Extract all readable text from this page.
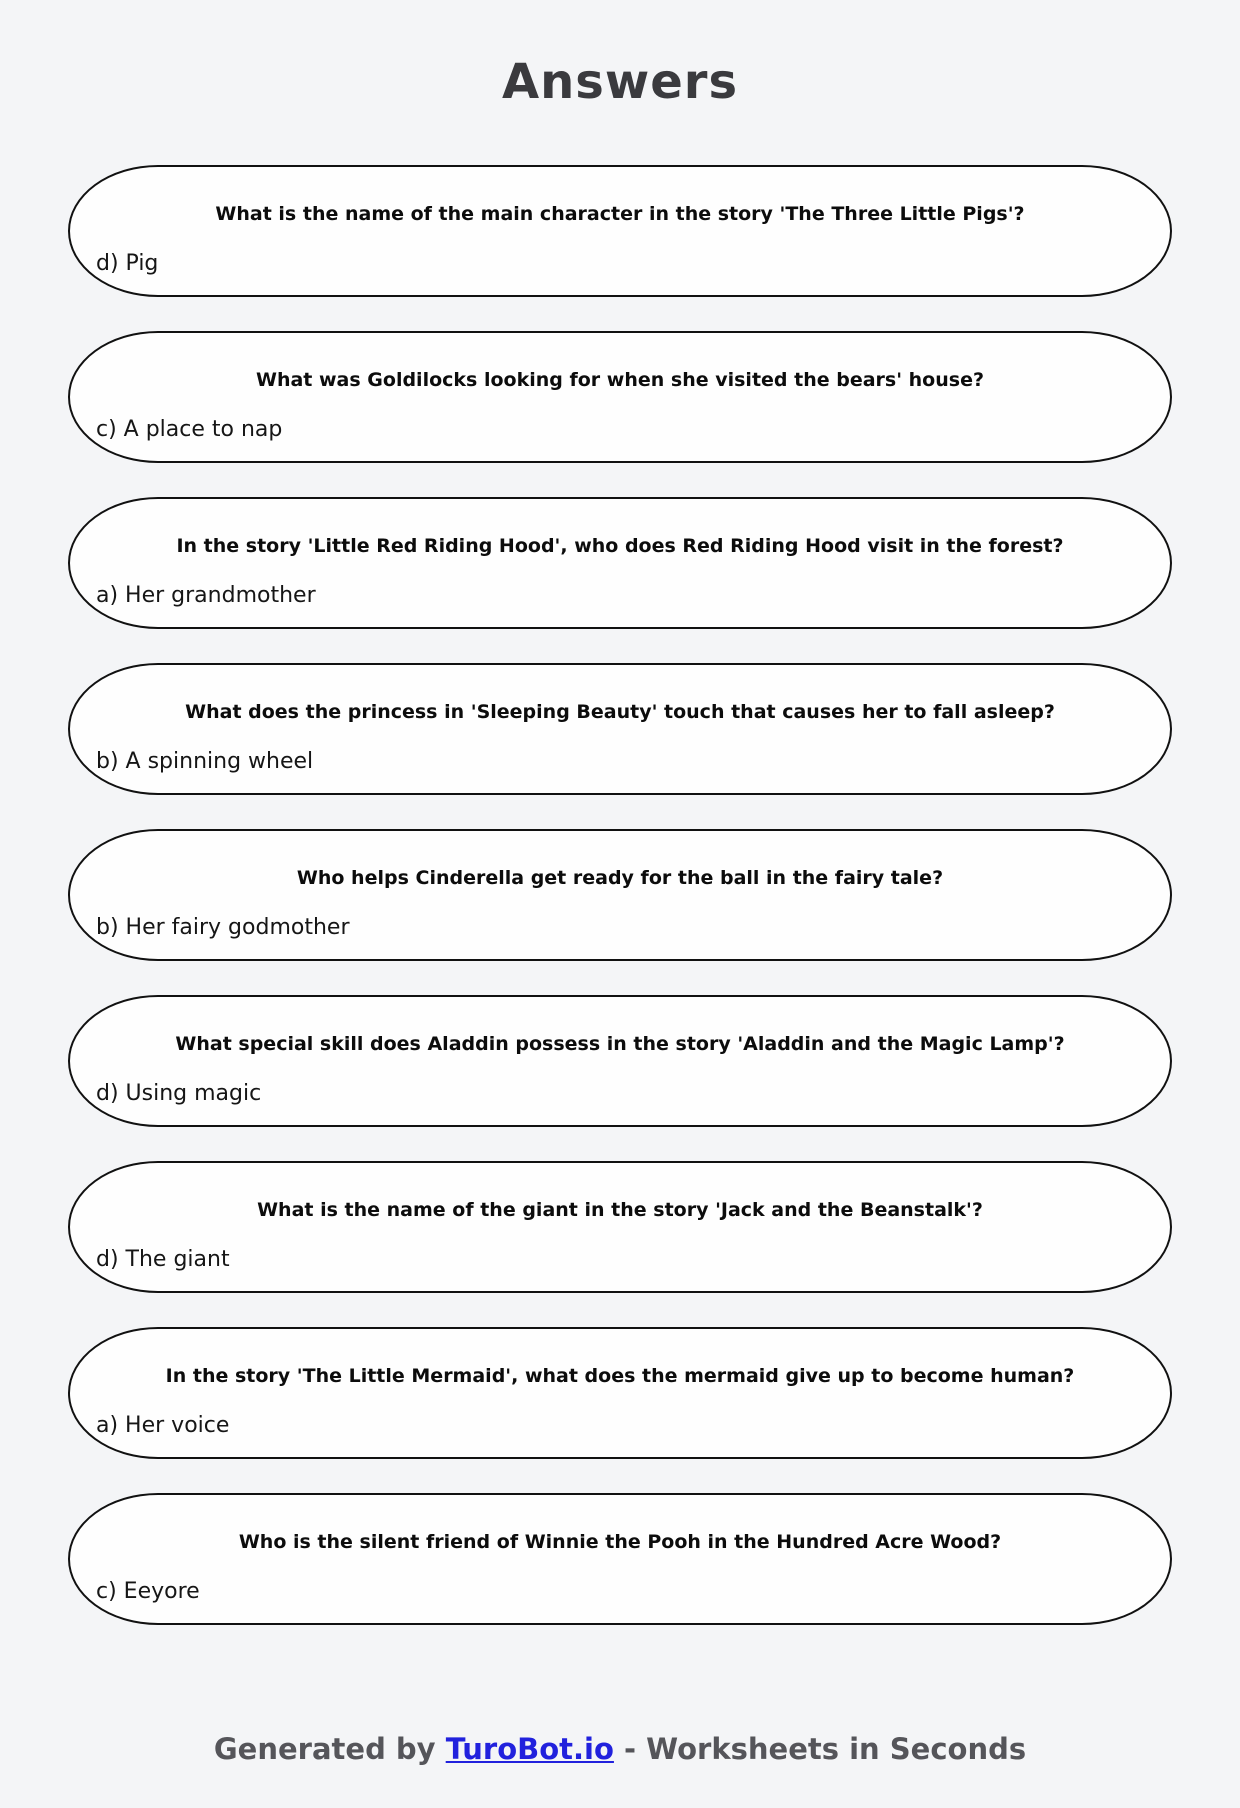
Answers
What is the name of the main character in the story 'The Three Little Pigs'?
d) Pig
What was Goldilocks looking for when she visited the bears' house?
c) A place to nap
In the story 'Little Red Riding Hood', who does Red Riding Hood visit in the forest?
a) Her grandmother
What does the princess in 'Sleeping Beauty' touch that causes her to fall asleep?
b) A spinning wheel
Who helps Cinderella get ready for the ball in the fairy tale?
b) Her fairy godmother
What special skill does Aladdin possess in the story 'Aladdin and the Magic Lamp'?
d) Using magic
What is the name of the giant in the story 'Jack and the Beanstalk'?
d) The giant
In the story 'The Little Mermaid', what does the mermaid give up to become human?
a) Her voice
Who is the silent friend of Winnie the Pooh in the Hundred Acre Wood?
c) Eeyore
Generated by TuroBot.io - Worksheets in Seconds
